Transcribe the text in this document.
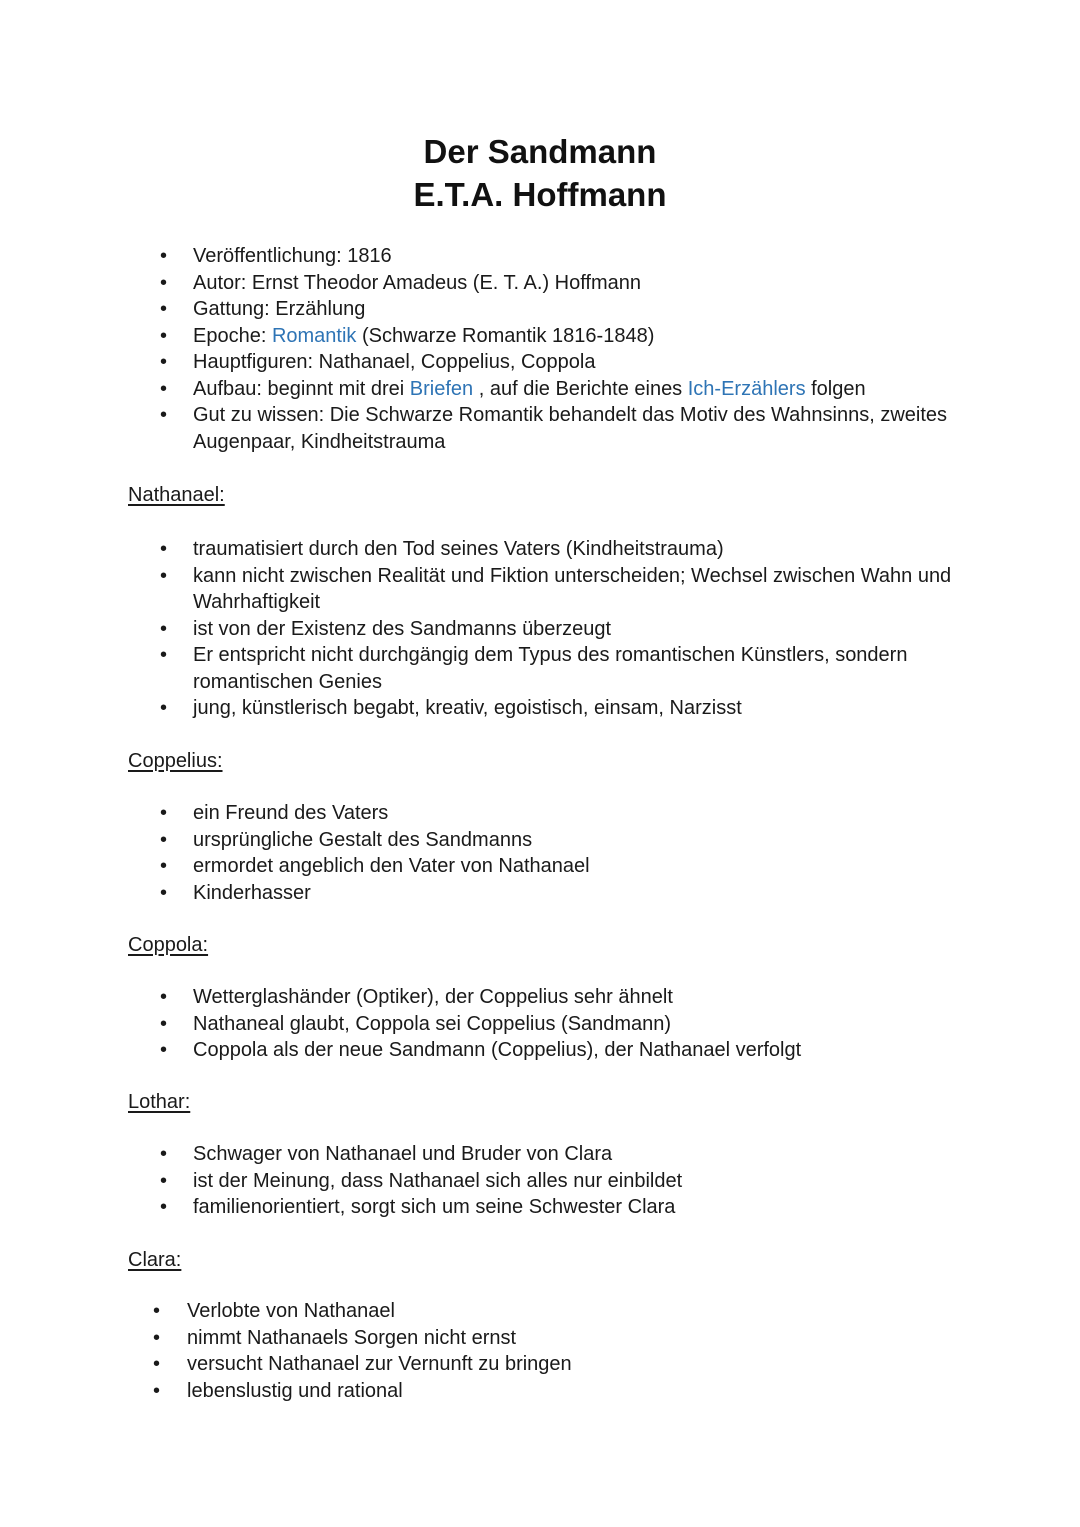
Der Sandmann
E.T.A. Hoffmann
•	Veröffentlichung: 1816
•	Autor: Ernst Theodor Amadeus (E. T. A.) Hoffmann
•	Gattung: Erzählung
•	Epoche: Romantik (Schwarze Romantik 1816-1848)
•	Hauptfiguren: Nathanael, Coppelius, Coppola
•	Aufbau: beginnt mit drei Briefen , auf die Berichte eines Ich-Erzählers folgen
•	Gut zu wissen: Die Schwarze Romantik behandelt das Motiv des Wahnsinns, zweites
Augenpaar, Kindheitstrauma
Nathanael:
•	traumatisiert durch den Tod seines Vaters (Kindheitstrauma)
•	kann nicht zwischen Realität und Fiktion unterscheiden; Wechsel zwischen Wahn und
Wahrhaftigkeit
•	ist von der Existenz des Sandmanns überzeugt
•	Er entspricht nicht durchgängig dem Typus des romantischen Künstlers, sondern
romantischen Genies
•	jung, künstlerisch begabt, kreativ, egoistisch, einsam, Narzisst
Coppelius:
•	ein Freund des Vaters
•	ursprüngliche Gestalt des Sandmanns
•	ermordet angeblich den Vater von Nathanael
•	Kinderhasser
Coppola:
•	Wetterglashänder (Optiker), der Coppelius sehr ähnelt
•	Nathaneal glaubt, Coppola sei Coppelius (Sandmann)
•	Coppola als der neue Sandmann (Coppelius), der Nathanael verfolgt
Lothar:
•	Schwager von Nathanael und Bruder von Clara
•	ist der Meinung, dass Nathanael sich alles nur einbildet
•	familienorientiert, sorgt sich um seine Schwester Clara
Clara:
•	Verlobte von Nathanael
•	nimmt Nathanaels Sorgen nicht ernst
•	versucht Nathanael zur Vernunft zu bringen
•	lebenslustig und rational
